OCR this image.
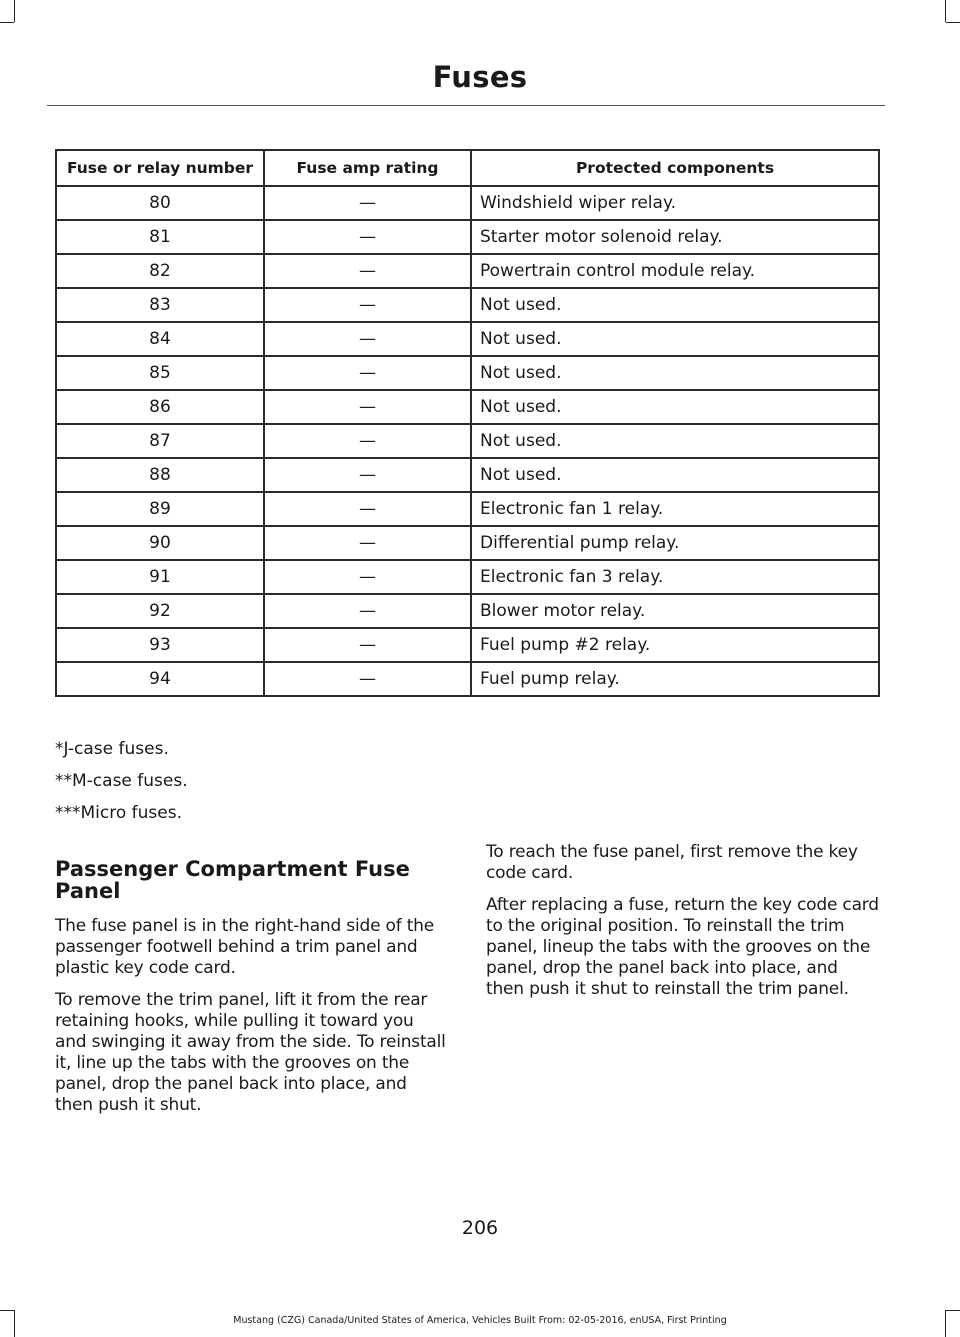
Fuses
Fuse or relay number	Fuse amp rating	Protected components
80	—	Windshield wiper relay.
81	—	Starter motor solenoid relay.
82	—	Powertrain control module relay.
83	—	Not used.
84	—	Not used.
85	—	Not used.
86	—	Not used.
87	—	Not used.
88	—	Not used.
89	—	Electronic fan 1 relay.
90	—	Differential pump relay.
91	—	Electronic fan 3 relay.
92	—	Blower motor relay.
93	—	Fuel pump #2 relay.
94	—	Fuel pump relay.
*J-case fuses.
**M-case fuses.
***Micro fuses.
Passenger Compartment Fuse Panel

The fuse panel is in the right-hand side of the passenger footwell behind a trim panel and plastic key code card.

To remove the trim panel, lift it from the rear retaining hooks, while pulling it toward you and swinging it away from the side. To reinstall it, line up the tabs with the grooves on the panel, drop the panel back into place, and then push it shut.

To reach the fuse panel, first remove the key code card.

After replacing a fuse, return the key code card to the original position. To reinstall the trim panel, lineup the tabs with the grooves on the panel, drop the panel back into place, and then push it shut to reinstall the trim panel.

206
Mustang (CZG) Canada/United States of America, Vehicles Built From: 02-05-2016, enUSA, First Printing
